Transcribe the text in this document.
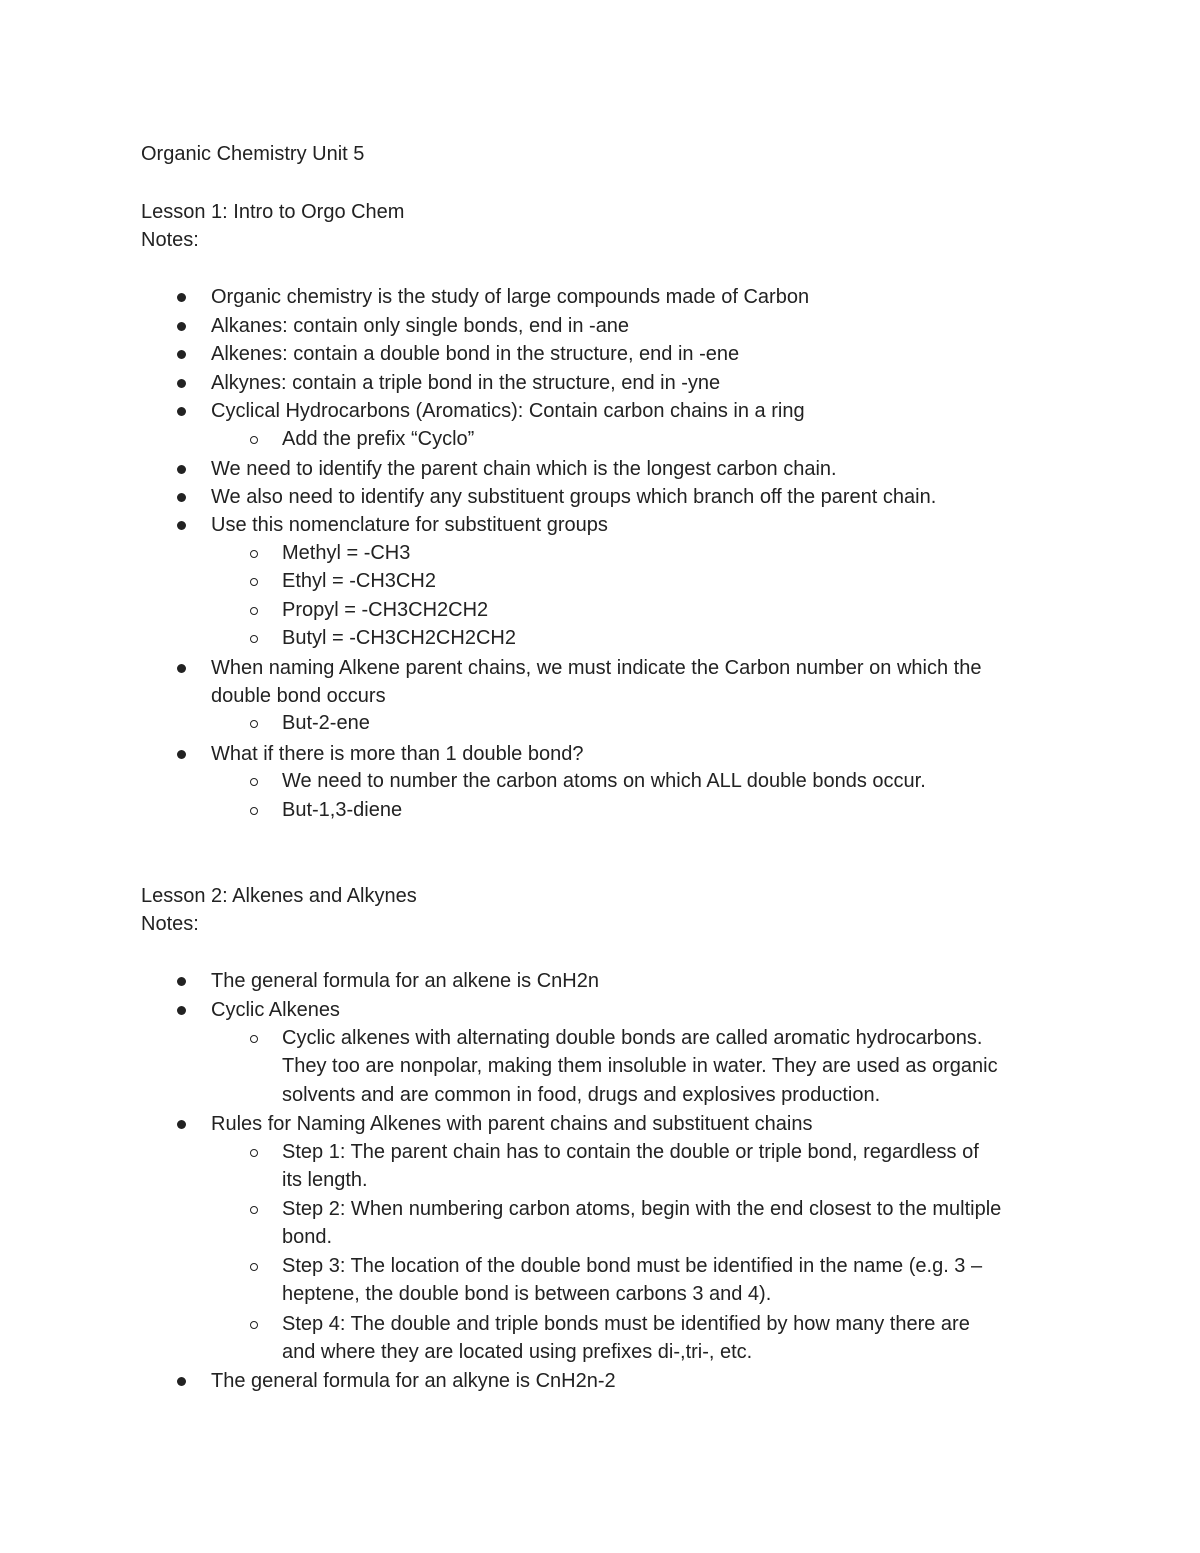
Organic Chemistry Unit 5
Lesson 1: Intro to Orgo Chem
Notes:
Organic chemistry is the study of large compounds made of Carbon
Alkanes: contain only single bonds, end in -ane
Alkenes: contain a double bond in the structure, end in -ene
Alkynes: contain a triple bond in the structure, end in -yne
Cyclical Hydrocarbons (Aromatics): Contain carbon chains in a ring
Add the prefix “Cyclo”
We need to identify the parent chain which is the longest carbon chain.
We also need to identify any substituent groups which branch off the parent chain.
Use this nomenclature for substituent groups
Methyl = -CH3
Ethyl = -CH3CH2
Propyl = -CH3CH2CH2
Butyl = -CH3CH2CH2CH2
When naming Alkene parent chains, we must indicate the Carbon number on which the
double bond occurs
But-2-ene
What if there is more than 1 double bond?
We need to number the carbon atoms on which ALL double bonds occur.
But-1,3-diene
Lesson 2: Alkenes and Alkynes
Notes:
The general formula for an alkene is CnH2n
Cyclic Alkenes
Cyclic alkenes with alternating double bonds are called aromatic hydrocarbons.
They too are nonpolar, making them insoluble in water. They are used as organic
solvents and are common in food, drugs and explosives production.
Rules for Naming Alkenes with parent chains and substituent chains
Step 1: The parent chain has to contain the double or triple bond, regardless of
its length.
Step 2: When numbering carbon atoms, begin with the end closest to the multiple
bond.
Step 3: The location of the double bond must be identified in the name (e.g. 3 –
heptene, the double bond is between carbons 3 and 4).
Step 4: The double and triple bonds must be identified by how many there are
and where they are located using prefixes di-,tri-, etc.
The general formula for an alkyne is CnH2n-2
